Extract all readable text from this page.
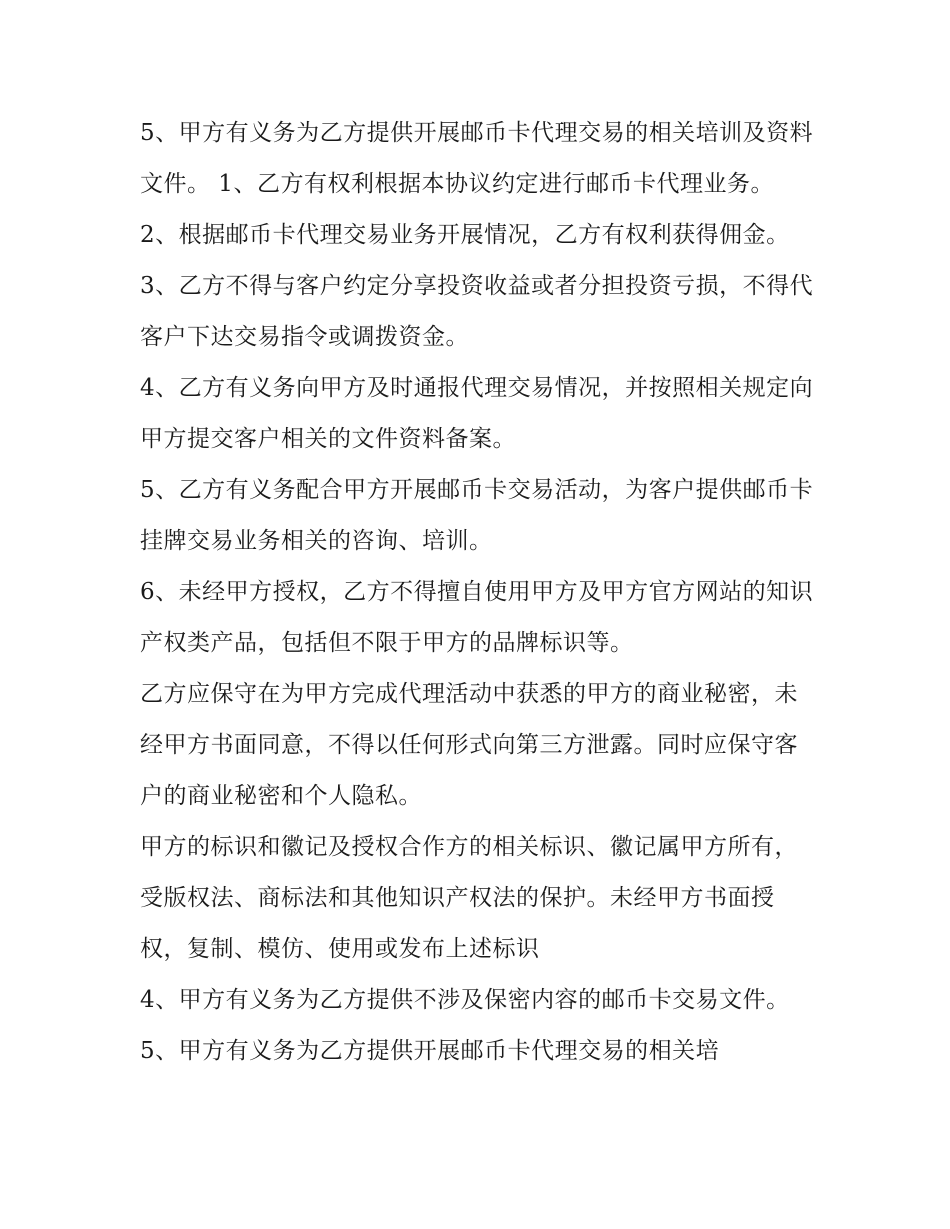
5、甲方有义务为乙方提供开展邮币卡代理交易的相关培训及资料文件。 1、乙方有权利根据本协议约定进行邮币卡代理业务。

2、根据邮币卡代理交易业务开展情况，乙方有权利获得佣金。 3、乙方不得与客户约定分享投资收益或者分担投资亏损，不得代客户下达交易指令或调拨资金。

4、乙方有义务向甲方及时通报代理交易情况，并按照相关规定向甲方提交客户相关的文件资料备案。

5、乙方有义务配合甲方开展邮币卡交易活动，为客户提供邮币卡挂牌交易业务相关的咨询、培训。

6、未经甲方授权，乙方不得擅自使用甲方及甲方官方网站的知识产权类产品，包括但不限于甲方的品牌标识等。

乙方应保守在为甲方完成代理活动中获悉的甲方的商业秘密，未经甲方书面同意，不得以任何形式向第三方泄露。同时应保守客户的商业秘密和个人隐私。

甲方的标识和徽记及授权合作方的相关标识、徽记属甲方所有，受版权法、商标法和其他知识产权法的保护。未经甲方书面授权，复制、模仿、使用或发布上述标识

4、甲方有义务为乙方提供不涉及保密内容的邮币卡交易文件。 5、甲方有义务为乙方提供开展邮币卡代理交易的相关培
